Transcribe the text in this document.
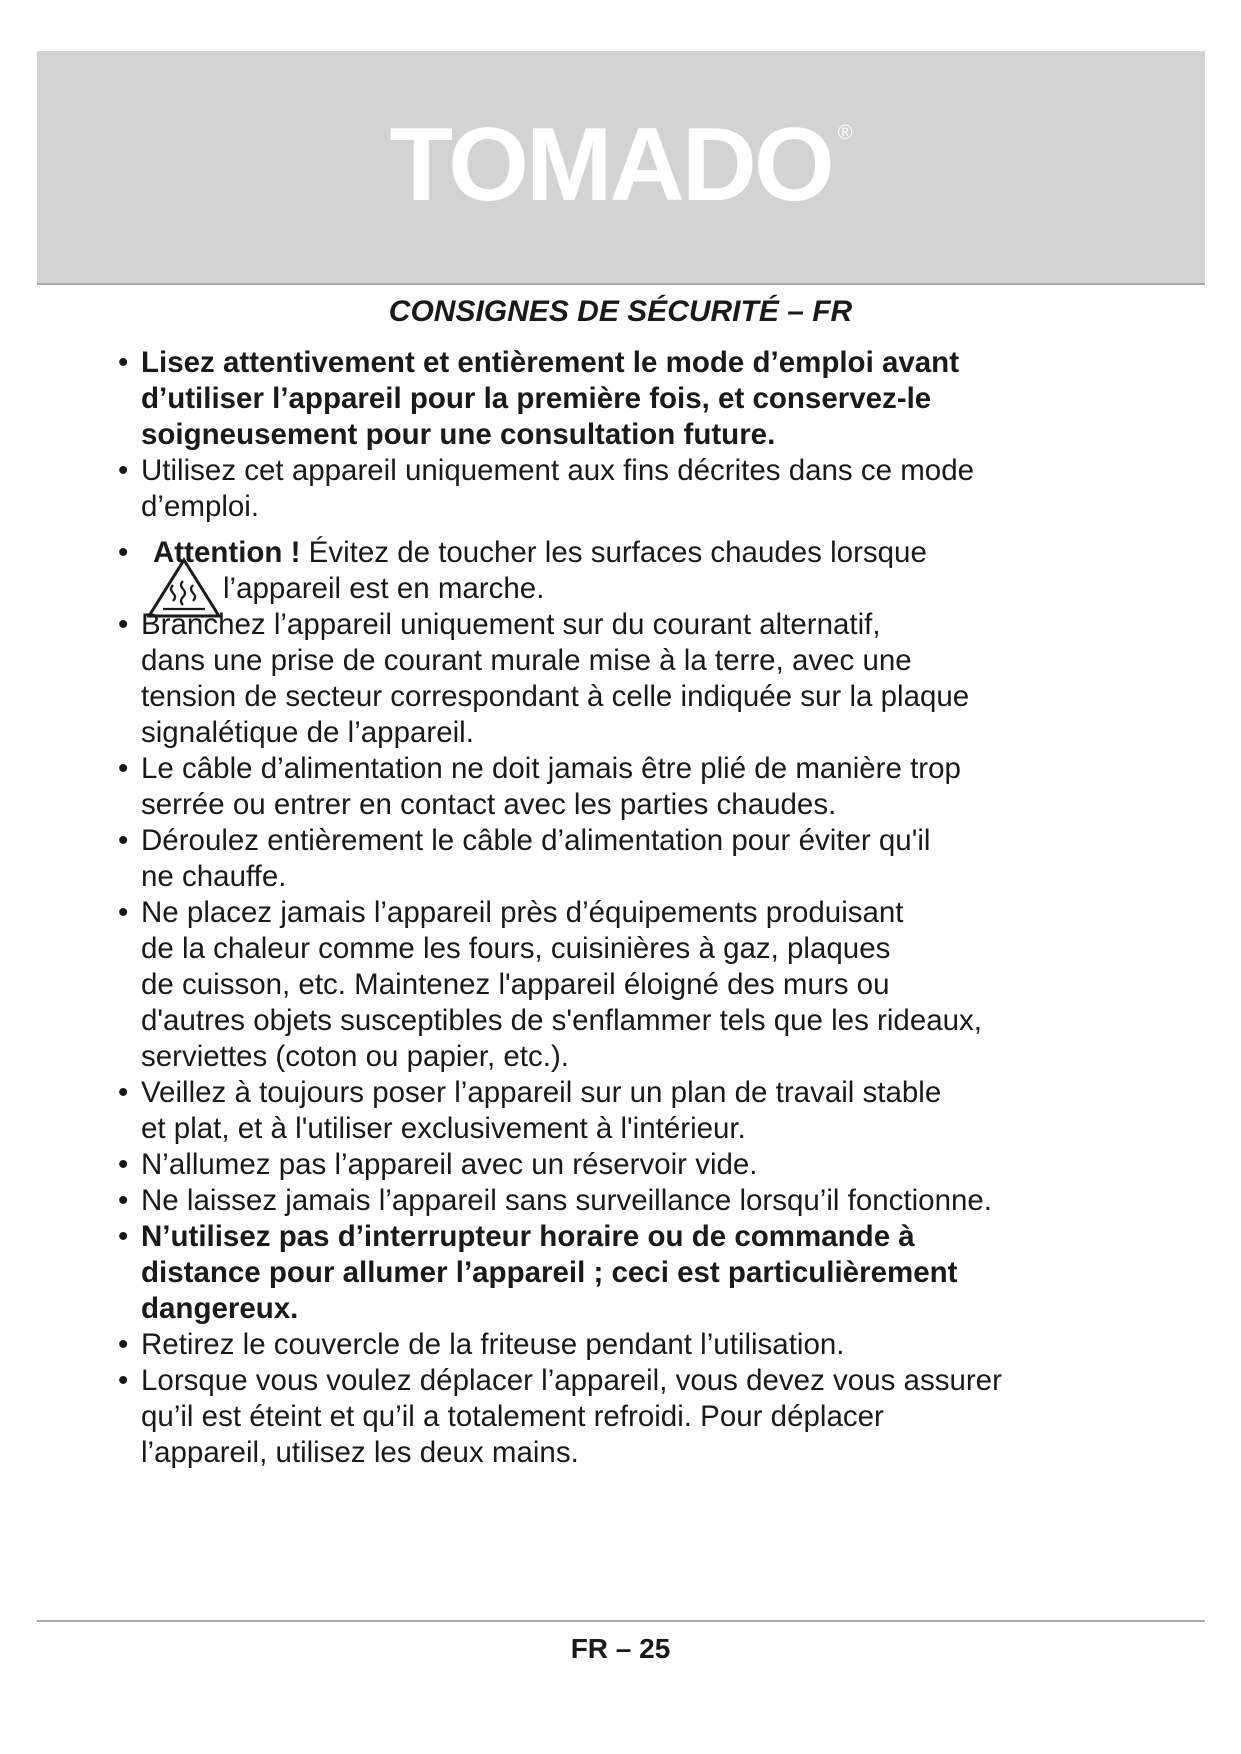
TOMADO ®
CONSIGNES DE SÉCURITÉ – FR
• Lisez attentivement et entièrement le mode d’emploi avant
d’utiliser l’appareil pour la première fois, et conservez-le
soigneusement pour une consultation future.
• Utilisez cet appareil uniquement aux fins décrites dans ce mode
d’emploi.
• Attention ! Évitez de toucher les surfaces chaudes lorsque
l’appareil est en marche.
• Branchez l’appareil uniquement sur du courant alternatif,
dans une prise de courant murale mise à la terre, avec une
tension de secteur correspondant à celle indiquée sur la plaque
signalétique de l’appareil.
• Le câble d’alimentation ne doit jamais être plié de manière trop
serrée ou entrer en contact avec les parties chaudes.
• Déroulez entièrement le câble d’alimentation pour éviter qu'il
ne chauffe.
• Ne placez jamais l’appareil près d’équipements produisant
de la chaleur comme les fours, cuisinières à gaz, plaques
de cuisson, etc. Maintenez l'appareil éloigné des murs ou
d'autres objets susceptibles de s'enflammer tels que les rideaux,
serviettes (coton ou papier, etc.).
• Veillez à toujours poser l’appareil sur un plan de travail stable
et plat, et à l'utiliser exclusivement à l'intérieur.
• N’allumez pas l’appareil avec un réservoir vide.
• Ne laissez jamais l’appareil sans surveillance lorsqu’il fonctionne.
• N’utilisez pas d’interrupteur horaire ou de commande à
distance pour allumer l’appareil ; ceci est particulièrement
dangereux.
• Retirez le couvercle de la friteuse pendant l’utilisation.
• Lorsque vous voulez déplacer l’appareil, vous devez vous assurer
qu’il est éteint et qu’il a totalement refroidi. Pour déplacer
l’appareil, utilisez les deux mains.
FR – 25
